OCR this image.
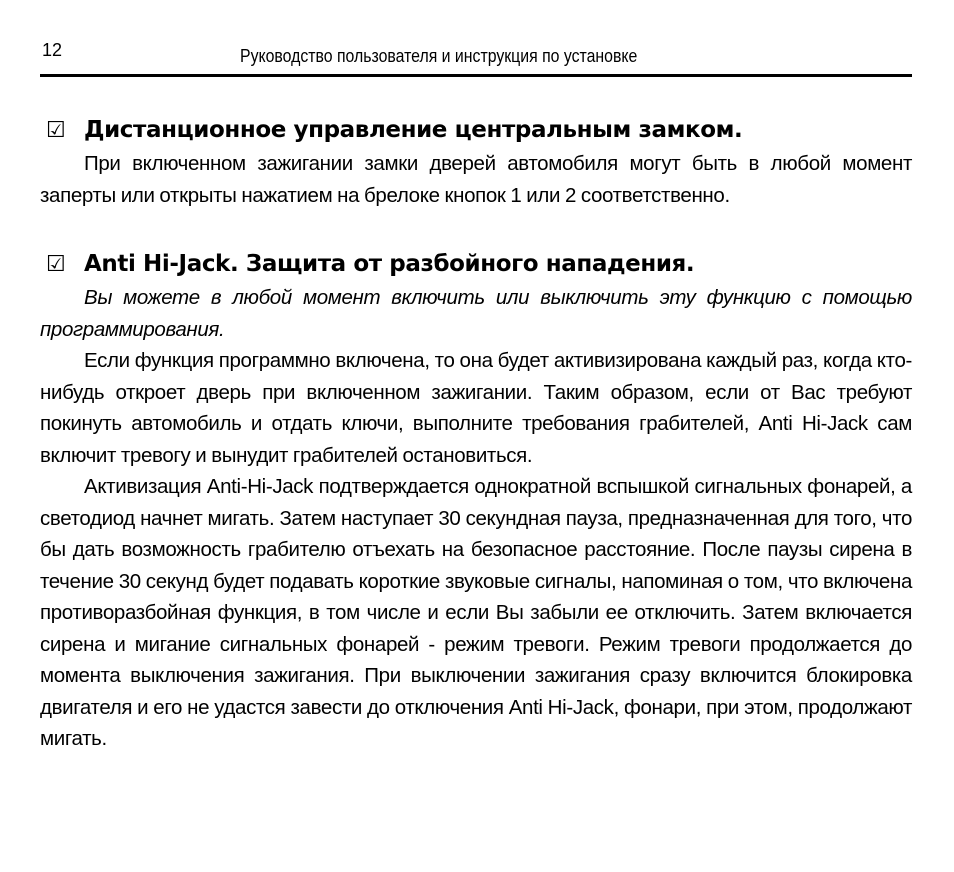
12	Руководство пользователя и инструкция по установке
☑ Дистанционное управление центральным замком.

При включенном зажигании замки дверей автомобиля могут быть в любой момент заперты или открыты нажатием на брелоке кнопок 1 или 2 соответственно.

☑ Anti Hi-Jack. Защита от разбойного нападения.

Вы можете в любой момент включить или выключить эту функцию с помощью программирования.

Если функция программно включена, то она будет активизирована каждый раз, когда кто-нибудь откроет дверь при включенном зажигании. Таким образом, если от Вас требуют покинуть автомобиль и отдать ключи, выполните требования грабителей, Anti Hi-Jack сам включит тревогу и вынудит грабителей остановиться.

Активизация Anti-Hi-Jack подтверждается однократной вспышкой сигнальных фонарей, а светодиод начнет мигать. Затем наступает 30 секундная пауза, предназначенная для того, что бы дать возможность грабителю отъехать на безопасное расстояние. После паузы сирена в течение 30 секунд будет подавать короткие звуковые сигналы, напоминая о том, что включена противоразбойная функция, в том числе и если Вы забыли ее отключить. Затем включается сирена и мигание сигнальных фонарей - режим тревоги. Режим тревоги продолжается до момента выключения зажигания. При выключении зажигания сразу включится блокировка двигателя и его не удастся завести до отключения Anti Hi-Jack, фонари, при этом, продолжают мигать.
